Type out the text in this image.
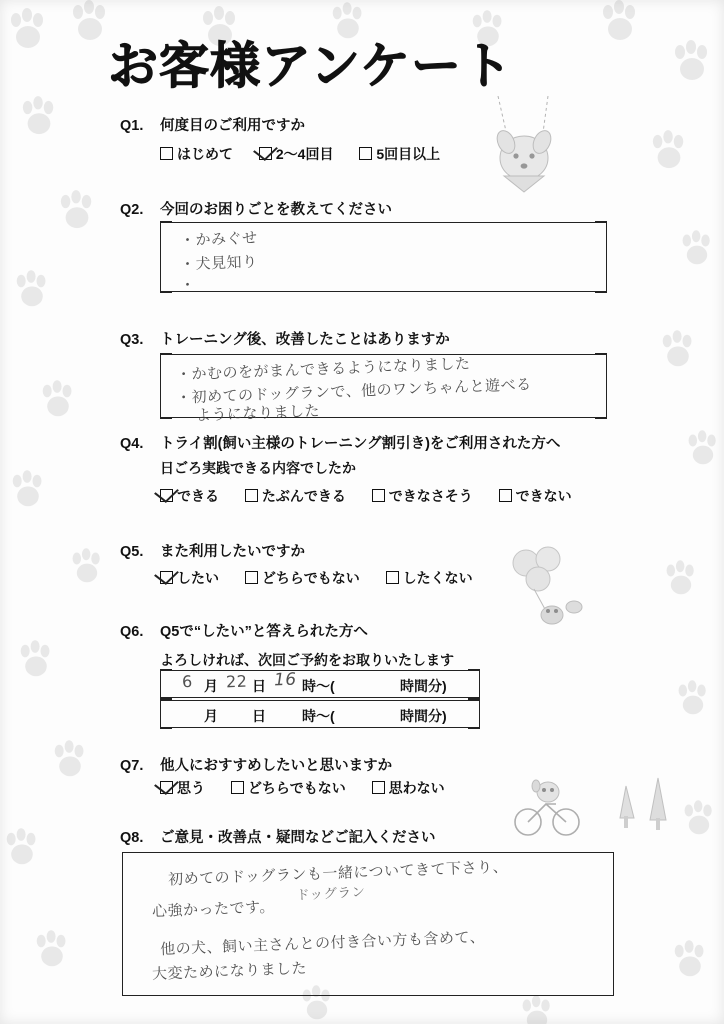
お客様アンケート
Q1. 何度目のご利用ですか
はじめて	2～4回目	5回目以上
Q2. 今回のお困りごとを教えてください
・かみぐせ
・犬見知り
・
Q3. トレーニング後、改善したことはありますか
・かむのをがまんできるようになりました
・初めてのドッグランで、他のワンちゃんと遊べる
ようになりました
Q4. トライ割(飼い主様のトレーニング割引き)をご利用された方へ
日ごろ実践できる内容でしたか
できる	たぶんできる	できなさそう	できない
Q5. また利用したいですか
したい	どちらでもない	したくない
Q6. Q5で“したい”と答えられた方へ
よろしければ、次回ご予約をお取りいたします
6 月 22 日 16 時～(	時間分)
月 日	時～(	時間分)
Q7. 他人におすすめしたいと思いますか
思う	どちらでもない	思わない
Q8. ご意見・改善点・疑問などご記入ください
初めてのドッグランも一緒についてきて下さり、
ドッグラン
心強かったです。
他の犬、飼い主さんとの付き合い方も含めて、
大変ためになりました
